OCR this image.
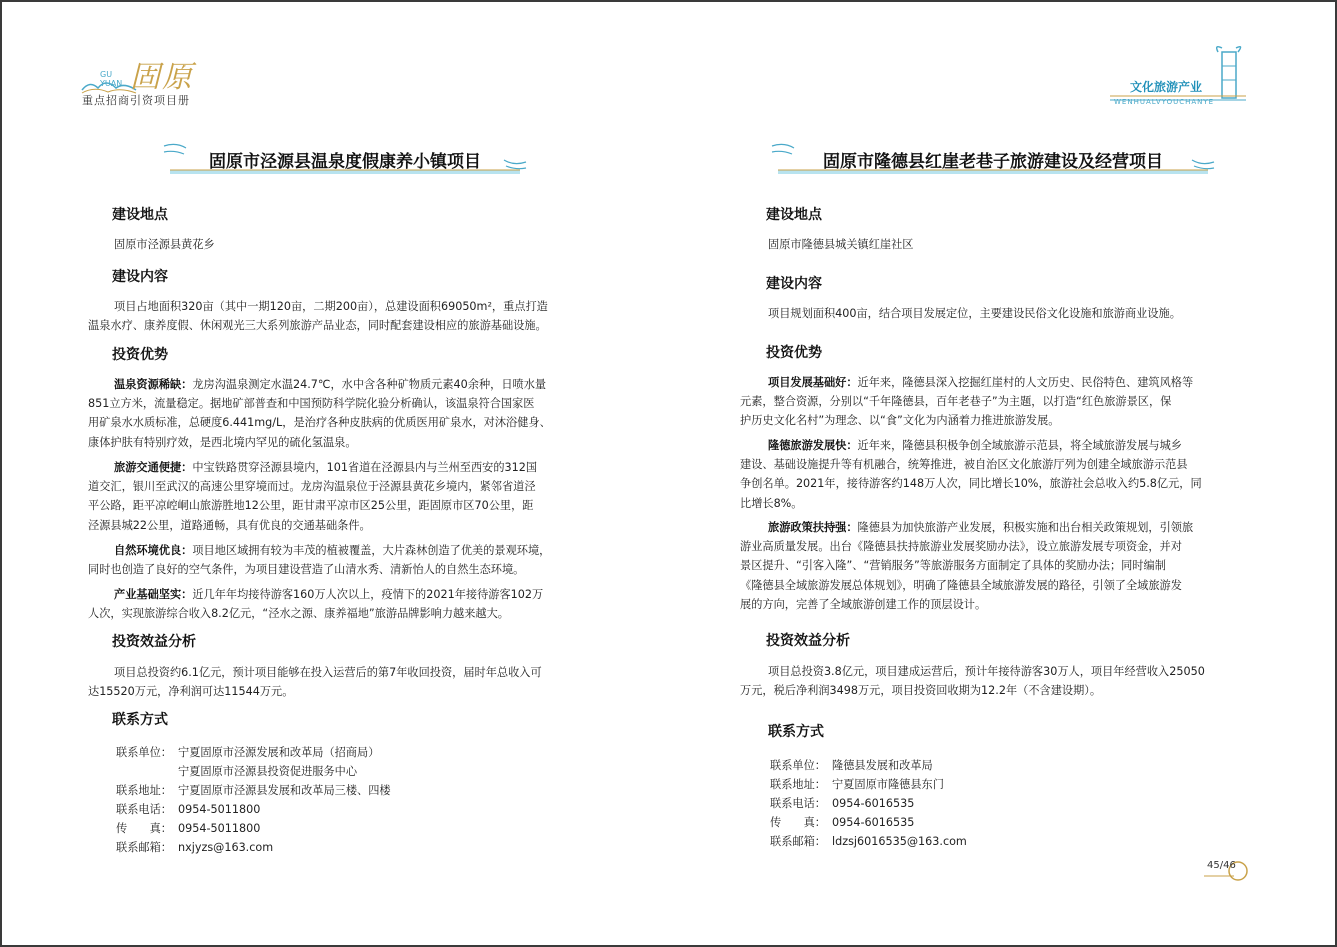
GU
YUAN 固原
重点招商引资项目册
文化旅游产业
WENHUALVYOUCHANYE
固原市泾源县温泉度假康养小镇项目
建设地点
固原市泾源县黄花乡
建设内容
项目占地面积320亩（其中一期120亩，二期200亩），总建设面积69050m²，重点打造
温泉水疗、康养度假、休闲观光三大系列旅游产品业态，同时配套建设相应的旅游基础设施。
投资优势
温泉资源稀缺：龙房沟温泉测定水温24.7℃，水中含各种矿物质元素40余种，日喷水量
851立方米，流量稳定。据地矿部普查和中国预防科学院化验分析确认，该温泉符合国家医
用矿泉水水质标准，总硬度6.441mg/L，是治疗各种皮肤病的优质医用矿泉水，对沐浴健身、
康体护肤有特别疗效，是西北境内罕见的硫化氢温泉。
旅游交通便捷：中宝铁路贯穿泾源县境内，101省道在泾源县内与兰州至西安的312国
道交汇，银川至武汉的高速公里穿境而过。龙房沟温泉位于泾源县黄花乡境内，紧邻省道泾
平公路，距平凉崆峒山旅游胜地12公里，距甘肃平凉市区25公里，距固原市区70公里，距
泾源县城22公里，道路通畅，具有优良的交通基础条件。
自然环境优良：项目地区域拥有较为丰茂的植被覆盖，大片森林创造了优美的景观环境，
同时也创造了良好的空气条件，为项目建设营造了山清水秀、清新怡人的自然生态环境。
产业基础坚实：近几年年均接待游客160万人次以上，疫情下的2021年接待游客102万
人次，实现旅游综合收入8.2亿元，“泾水之源、康养福地”旅游品牌影响力越来越大。
投资效益分析
项目总投资约6.1亿元，预计项目能够在投入运营后的第7年收回投资，届时年总收入可
达15520万元，净利润可达11544万元。
联系方式
联系单位： 宁夏固原市泾源发展和改革局（招商局）
宁夏固原市泾源县投资促进服务中心
联系地址： 宁夏固原市泾源县发展和改革局三楼、四楼
联系电话： 0954-5011800
传　　真： 0954-5011800
联系邮箱： nxjyzs@163.com
固原市隆德县红崖老巷子旅游建设及经营项目
建设地点
固原市隆德县城关镇红崖社区
建设内容
项目规划面积400亩，结合项目发展定位，主要建设民俗文化设施和旅游商业设施。
投资优势
项目发展基础好：近年来，隆德县深入挖掘红崖村的人文历史、民俗特色、建筑风格等
元素，整合资源，分别以“千年隆德县，百年老巷子”为主题，以打造“红色旅游景区，保
护历史文化名村”为理念、以“食”文化为内涵着力推进旅游发展。
隆德旅游发展快：近年来，隆德县积极争创全域旅游示范县，将全域旅游发展与城乡
建设、基础设施提升等有机融合，统筹推进，被自治区文化旅游厅列为创建全域旅游示范县
争创名单。2021年，接待游客约148万人次，同比增长10%，旅游社会总收入约5.8亿元，同
比增长8%。
旅游政策扶持强：隆德县为加快旅游产业发展，积极实施和出台相关政策规划，引领旅
游业高质量发展。出台《隆德县扶持旅游业发展奖励办法》，设立旅游发展专项资金，并对
景区提升、“引客入隆”、“营销服务”等旅游服务方面制定了具体的奖励办法；同时编制
《隆德县全域旅游发展总体规划》，明确了隆德县全域旅游发展的路径，引领了全域旅游发
展的方向，完善了全域旅游创建工作的顶层设计。
投资效益分析
项目总投资3.8亿元，项目建成运营后，预计年接待游客30万人，项目年经营收入25050
万元，税后净利润3498万元，项目投资回收期为12.2年（不含建设期）。
联系方式
联系单位： 隆德县发展和改革局
联系地址： 宁夏固原市隆德县东门
联系电话： 0954-6016535
传　　真： 0954-6016535
联系邮箱： ldzsj6016535@163.com
45/46
